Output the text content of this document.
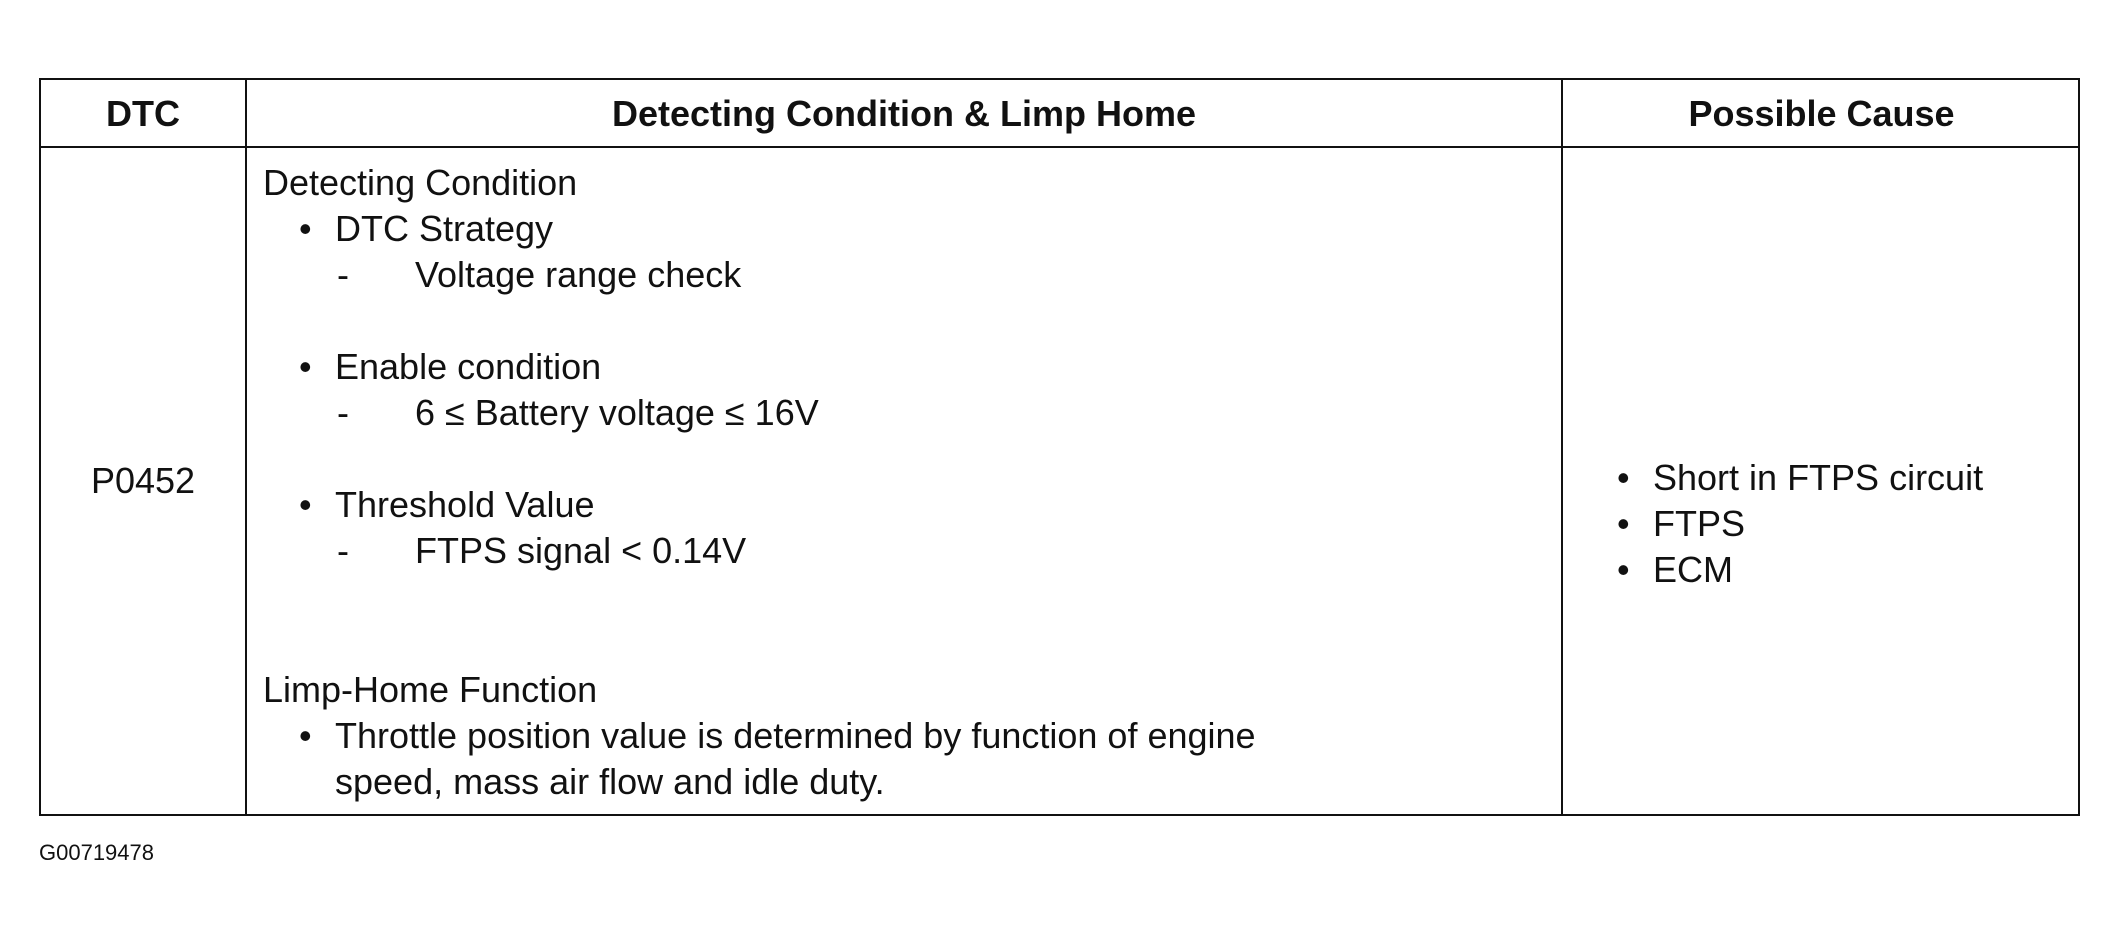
DTC	Detecting Condition & Limp Home	Possible Cause
P0452
Detecting Condition
• DTC Strategy
- Voltage range check
• Enable condition
- 6 ≤ Battery voltage ≤ 16V
• Threshold Value
- FTPS signal < 0.14V
Limp-Home Function
• Throttle position value is determined by function of engine
speed, mass air flow and idle duty.
• Short in FTPS circuit
• FTPS
• ECM
G00719478
